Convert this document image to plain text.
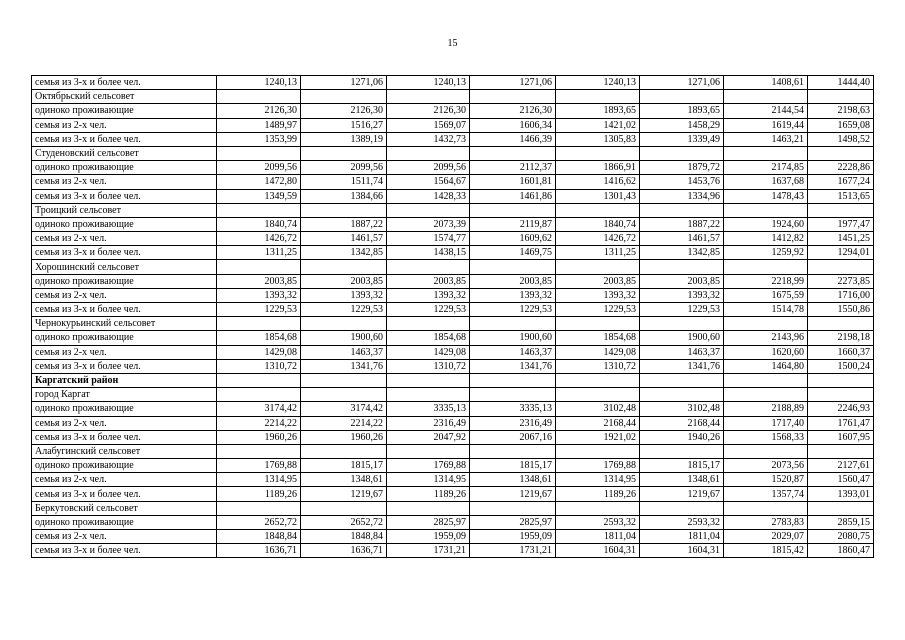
15
семья из 3-х и более чел.	1240,13	1271,06	1240,13	1271,06	1240,13	1271,06	1408,61	1444,40
Октябрьский сельсовет								
одиноко проживающие	2126,30	2126,30	2126,30	2126,30	1893,65	1893,65	2144,54	2198,63
семья из 2-х чел.	1489,97	1516,27	1569,07	1606,34	1421,02	1458,29	1619,44	1659,08
семья из 3-х и более чел.	1353,99	1389,19	1432,73	1466,39	1305,83	1339,49	1463,21	1498,52
Студеновский сельсовет								
одиноко проживающие	2099,56	2099,56	2099,56	2112,37	1866,91	1879,72	2174,85	2228,86
семья из 2-х чел.	1472,80	1511,74	1564,67	1601,81	1416,62	1453,76	1637,68	1677,24
семья из 3-х и более чел.	1349,59	1384,66	1428,33	1461,86	1301,43	1334,96	1478,43	1513,65
Троицкий сельсовет								
одиноко проживающие	1840,74	1887,22	2073,39	2119,87	1840,74	1887,22	1924,60	1977,47
семья из 2-х чел.	1426,72	1461,57	1574,77	1609,62	1426,72	1461,57	1412,82	1451,25
семья из 3-х и более чел.	1311,25	1342,85	1438,15	1469,75	1311,25	1342,85	1259,92	1294,01
Хорошинский сельсовет								
одиноко проживающие	2003,85	2003,85	2003,85	2003,85	2003,85	2003,85	2218,99	2273,85
семья из 2-х чел.	1393,32	1393,32	1393,32	1393,32	1393,32	1393,32	1675,59	1716,00
семья из 3-х и более чел.	1229,53	1229,53	1229,53	1229,53	1229,53	1229,53	1514,78	1550,86
Чернокурьинский сельсовет								
одиноко проживающие	1854,68	1900,60	1854,68	1900,60	1854,68	1900,60	2143,96	2198,18
семья из 2-х чел.	1429,08	1463,37	1429,08	1463,37	1429,08	1463,37	1620,60	1660,37
семья из 3-х и более чел.	1310,72	1341,76	1310,72	1341,76	1310,72	1341,76	1464,80	1500,24
Каргатский район								
город Каргат								
одиноко проживающие	3174,42	3174,42	3335,13	3335,13	3102,48	3102,48	2188,89	2246,93
семья из 2-х чел.	2214,22	2214,22	2316,49	2316,49	2168,44	2168,44	1717,40	1761,47
семья из 3-х и более чел.	1960,26	1960,26	2047,92	2067,16	1921,02	1940,26	1568,33	1607,95
Алабугинский сельсовет								
одиноко проживающие	1769,88	1815,17	1769,88	1815,17	1769,88	1815,17	2073,56	2127,61
семья из 2-х чел.	1314,95	1348,61	1314,95	1348,61	1314,95	1348,61	1520,87	1560,47
семья из 3-х и более чел.	1189,26	1219,67	1189,26	1219,67	1189,26	1219,67	1357,74	1393,01
Беркутовский сельсовет								
одиноко проживающие	2652,72	2652,72	2825,97	2825,97	2593,32	2593,32	2783,83	2859,15
семья из 2-х чел.	1848,84	1848,84	1959,09	1959,09	1811,04	1811,04	2029,07	2080,75
семья из 3-х и более чел.	1636,71	1636,71	1731,21	1731,21	1604,31	1604,31	1815,42	1860,47
